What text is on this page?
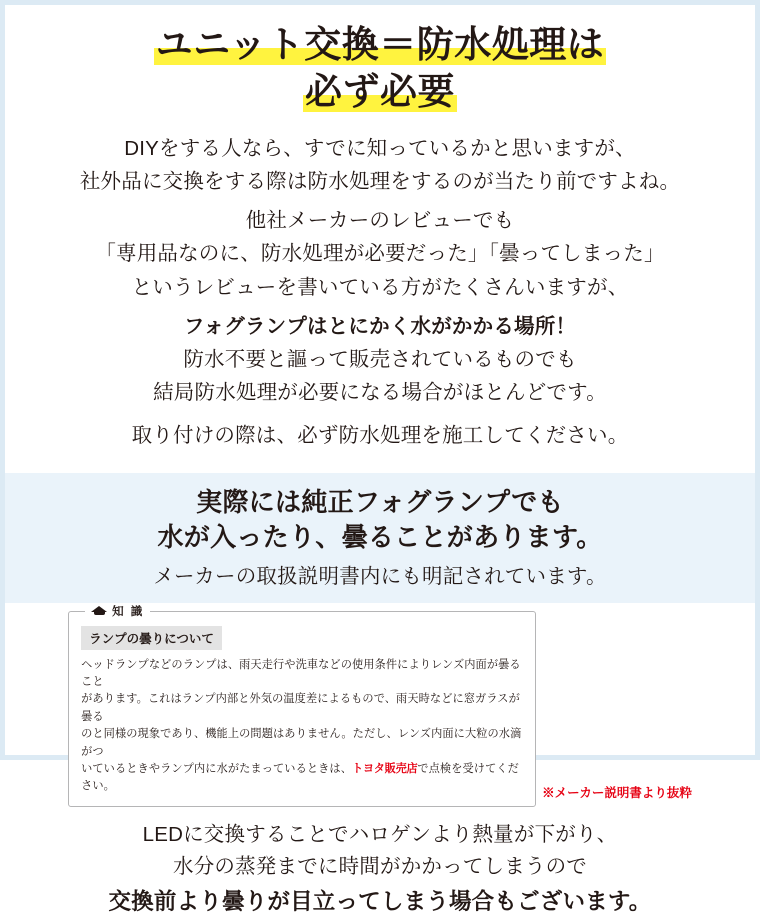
ユニット交換＝防水処理は
必ず必要

DIYをする人なら、すでに知っているかと思いますが、

社外品に交換をする際は防水処理をするのが当たり前ですよね。

他社メーカーのレビューでも

「専用品なのに、防水処理が必要だった」「曇ってしまった」

というレビューを書いている方がたくさんいますが、

フォグランプはとにかく水がかかる場所！

防水不要と謳って販売されているものでも

結局防水処理が必要になる場合がほとんどです。

取り付けの際は、必ず防水処理を施工してください。

実際には純正フォグランプでも
水が入ったり、曇ることがあります。
メーカーの取扱説明書内にも明記されています。
知 識
ランプの曇りについて
ヘッドランプなどのランプは、雨天走行や洗車などの使用条件によりレンズ内面が曇ること
があります。これはランプ内部と外気の温度差によるもので、雨天時などに窓ガラスが曇る
のと同様の現象であり、機能上の問題はありません。ただし、レンズ内面に大粒の水滴がつ
いているときやランプ内に水がたまっているときは、トヨタ販売店で点検を受けてくだ
さい。	※メーカー説明書より抜粋

LEDに交換することでハロゲンより熱量が下がり、

水分の蒸発までに時間がかかってしまうので

交換前より曇りが目立ってしまう場合もございます。
